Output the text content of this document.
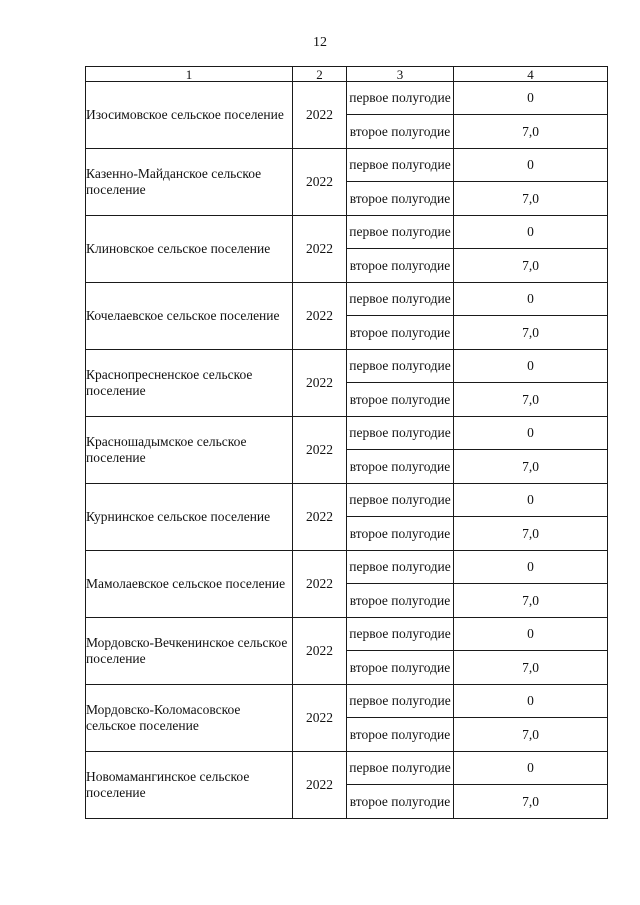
12
1	2	3	4
Изосимовское сельское поселение	2022	первое полугодие	0
		второе полугодие	7,0
Казенно-Майданское сельское поселение	2022	первое полугодие	0
		второе полугодие	7,0
Клиновское сельское поселение	2022	первое полугодие	0
		второе полугодие	7,0
Кочелаевское сельское поселение	2022	первое полугодие	0
		второе полугодие	7,0
Краснопресненское сельское поселение	2022	первое полугодие	0
		второе полугодие	7,0
Красношадымское сельское поселение	2022	первое полугодие	0
		второе полугодие	7,0
Курнинское сельское поселение	2022	первое полугодие	0
		второе полугодие	7,0
Мамолаевское сельское поселение	2022	первое полугодие	0
		второе полугодие	7,0
Мордовско-Вечкенинское сельское поселение	2022	первое полугодие	0
		второе полугодие	7,0
Мордовско-Коломасовское сельское поселение	2022	первое полугодие	0
		второе полугодие	7,0
Новомамангинское сельское поселение	2022	первое полугодие	0
		второе полугодие	7,0
